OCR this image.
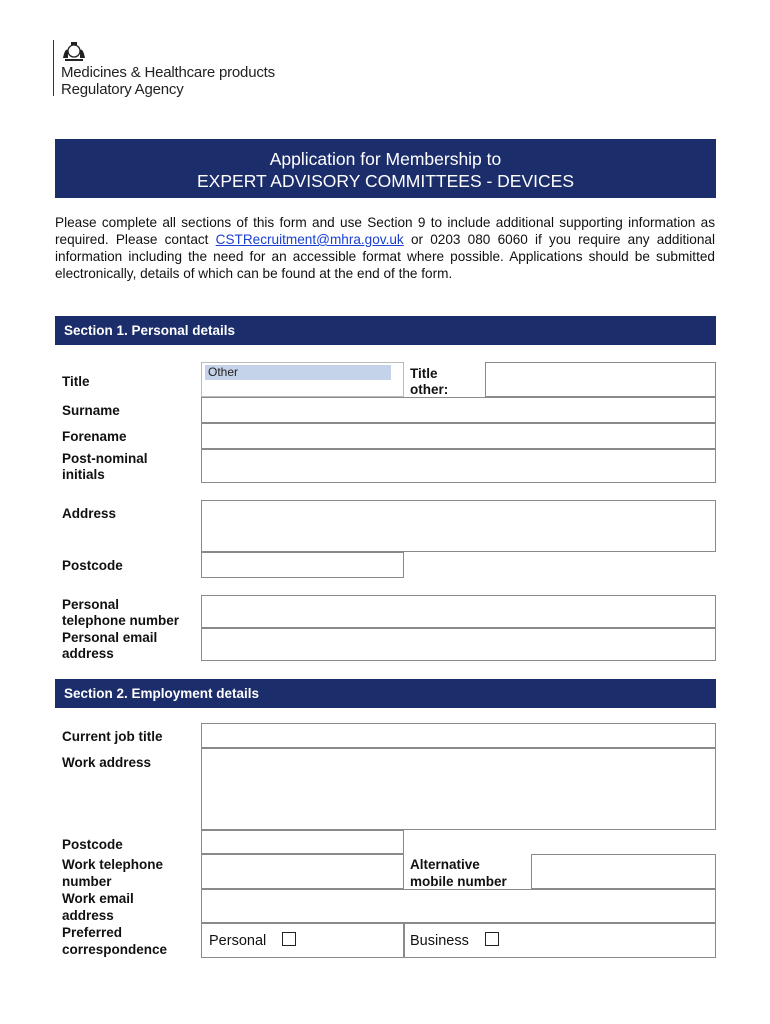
Medicines & Healthcare products
Regulatory Agency
Application for Membership to
EXPERT ADVISORY COMMITTEES - DEVICES
Please complete all sections of this form and use Section 9 to include additional supporting information as required. Please contact CSTRecruitment@mhra.gov.uk or 0203 080 6060 if you require any additional information including the need for an accessible format where possible. Applications should be submitted electronically, details of which can be found at the end of the form.
Section 1. Personal details
Title
Other	Title
other:
Surname
Forename
Post-nominal
initials
Address
Postcode
Personal
telephone number
Personal email
address
Section 2. Employment details
Current job title
Work address
Postcode
Work telephone
number
Alternative
mobile number
Work email
address
Preferred
correspondence
Personal	Business
